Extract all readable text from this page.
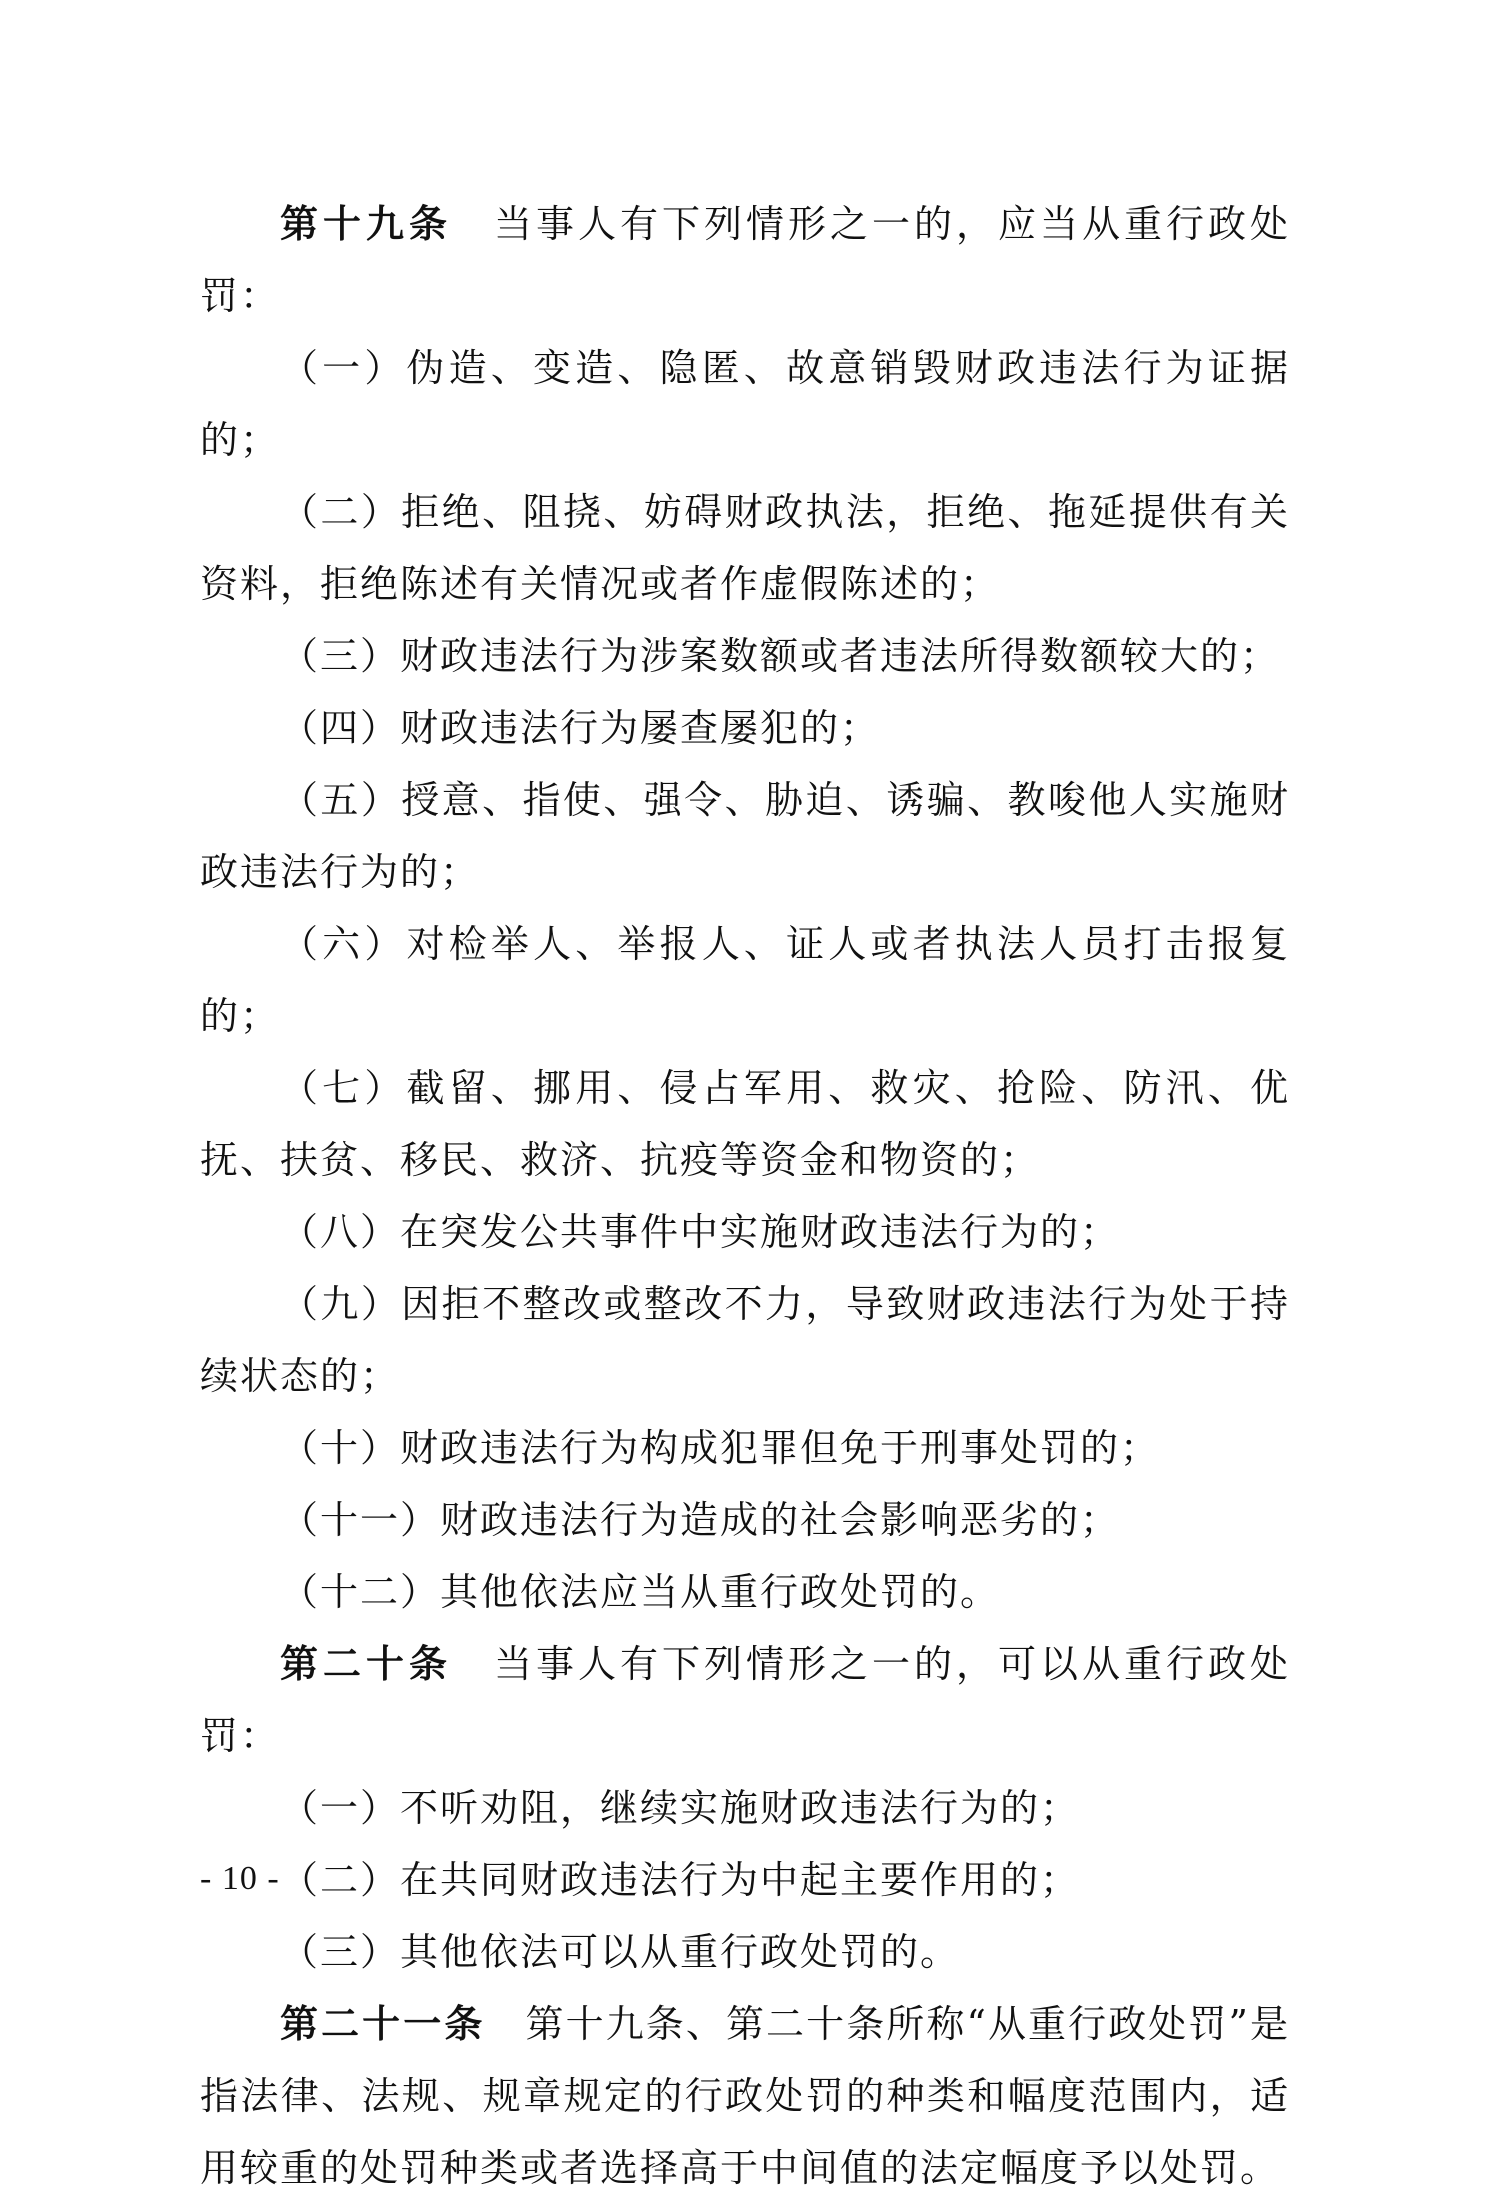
第十九条 当事人有下列情形之一的，应当从重行政处罚：

（一）伪造、变造、隐匿、故意销毁财政违法行为证据的；

（二）拒绝、阻挠、妨碍财政执法，拒绝、拖延提供有关资料，拒绝陈述有关情况或者作虚假陈述的；

（三）财政违法行为涉案数额或者违法所得数额较大的；

（四）财政违法行为屡查屡犯的；

（五）授意、指使、强令、胁迫、诱骗、教唆他人实施财政违法行为的；

（六）对检举人、举报人、证人或者执法人员打击报复的；

（七）截留、挪用、侵占军用、救灾、抢险、防汛、优抚、扶贫、移民、救济、抗疫等资金和物资的；

（八）在突发公共事件中实施财政违法行为的；

（九）因拒不整改或整改不力，导致财政违法行为处于持续状态的；

（十）财政违法行为构成犯罪但免于刑事处罚的；

（十一）财政违法行为造成的社会影响恶劣的；

（十二）其他依法应当从重行政处罚的。

第二十条 当事人有下列情形之一的，可以从重行政处罚：

（一）不听劝阻，继续实施财政违法行为的；

（二）在共同财政违法行为中起主要作用的；

（三）其他依法可以从重行政处罚的。

第二十一条 第十九条、第二十条所称“从重行政处罚”是指法律、法规、规章规定的行政处罚的种类和幅度范围内，适用较重的处罚种类或者选择高于中间值的法定幅度予以处罚。

- 10 -
